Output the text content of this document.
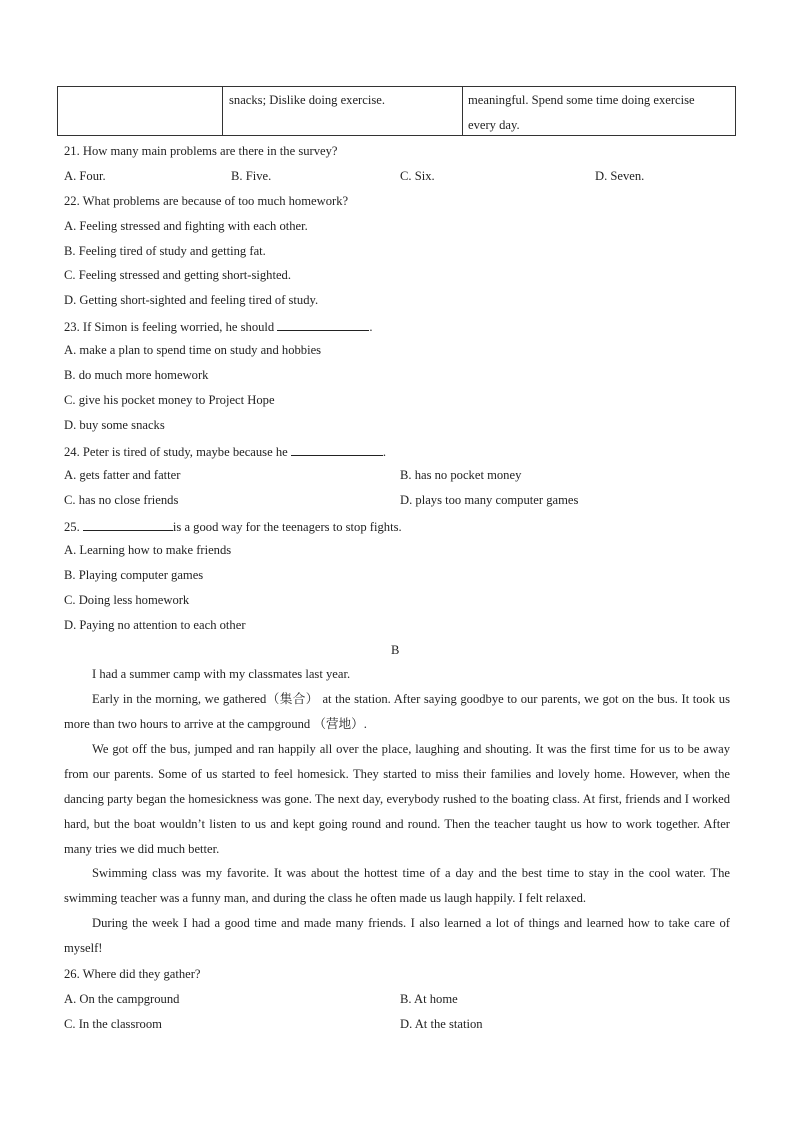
snacks; Dislike doing exercise.	meaningful. Spend some time doing exercise
every day.
21. How many main problems are there in the survey?
A. Four.	B. Five.	C. Six.	D. Seven.
22. What problems are because of too much homework?
A. Feeling stressed and fighting with each other.
B. Feeling tired of study and getting fat.
C. Feeling stressed and getting short-sighted.
D. Getting short-sighted and feeling tired of study.
23. If Simon is feeling worried, he should	.
A. make a plan to spend time on study and hobbies
B. do much more homework
C. give his pocket money to Project Hope
D. buy some snacks
24. Peter is tired of study, maybe because he	.
A. gets fatter and fatter	B. has no pocket money
C. has no close friends	D. plays too many computer games
25.	is a good way for the teenagers to stop fights.
A. Learning how to make friends
B. Playing computer games
C. Doing less homework
D. Paying no attention to each other
B
I had a summer camp with my classmates last year.
Early in the morning, we gathered（集合） at the station. After saying goodbye to our parents, we got on the bus. It took us more than two hours to arrive at the campground （营地）.
We got off the bus, jumped and ran happily all over the place, laughing and shouting. It was the first time for us to be away from our parents. Some of us started to feel homesick. They started to miss their families and lovely home. However, when the dancing party began the homesickness was gone. The next day, everybody rushed to the boating class. At first, friends and I worked hard, but the boat wouldn’t listen to us and kept going round and round. Then the teacher taught us how to work together. After many tries we did much better.
Swimming class was my favorite. It was about the hottest time of a day and the best time to stay in the cool water. The swimming teacher was a funny man, and during the class he often made us laugh happily. I felt relaxed.
During the week I had a good time and made many friends. I also learned a lot of things and learned how to take care of myself!
26. Where did they gather?
A. On the campground	B. At home
C. In the classroom	D. At the station
